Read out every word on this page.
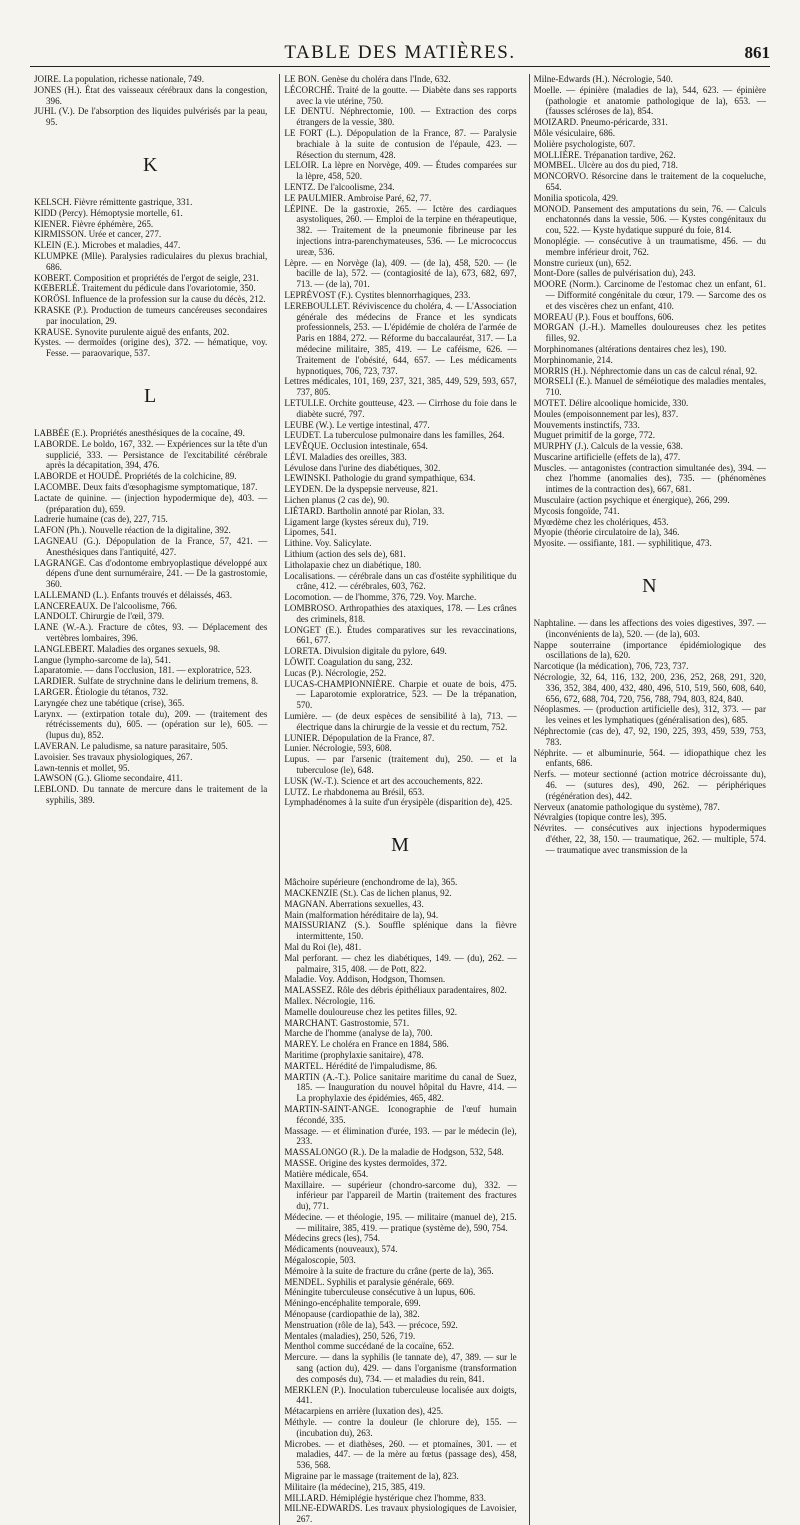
TABLE DES MATIÈRES.	861

JOIRE. La population, richesse nationale, 749.

JONES (H.). État des vaisseaux cérébraux dans la congestion, 396.

JUHL (V.). De l'absorption des liquides pulvérisés par la peau, 95.

K

KELSCH. Fièvre rémittente gastrique, 331.

KIDD (Percy). Hémoptysie mortelle, 61.

KIENER. Fièvre éphémère, 265.

KIRMISSON. Urée et cancer, 277.

KLEIN (E.). Microbes et maladies, 447.

KLUMPKE (Mlle). Paralysies radiculaires du plexus brachial, 686.

KOBERT. Composition et propriétés de l'ergot de seigle, 231.

KŒBERLÉ. Traitement du pédicule dans l'ovariotomie, 350.

KORÖSI. Influence de la profession sur la cause du décès, 212.

KRASKE (P.). Production de tumeurs cancéreuses secondaires par inoculation, 29.

KRAUSE. Synovite purulente aiguë des enfants, 202.

Kystes. — dermoïdes (origine des), 372. — hématique, voy. Fesse. — paraovarique, 537.

L

LABBÉE (E.). Propriétés anesthésiques de la cocaïne, 49.

LABORDE. Le boldo, 167, 332. — Expériences sur la tête d'un supplicié, 333. — Persistance de l'excitabilité cérébrale après la décapitation, 394, 476.

LABORDE et HOUDÉ. Propriétés de la colchicine, 89.

LACOMBE. Deux faits d'œsophagisme symptomatique, 187.

Lactate de quinine. — (injection hypodermique de), 403. — (préparation du), 659.

Ladrerie humaine (cas de), 227, 715.

LAFON (Ph.). Nouvelle réaction de la digitaline, 392.

LAGNEAU (G.). Dépopulation de la France, 57, 421. — Anesthésiques dans l'antiquité, 427.

LAGRANGE. Cas d'odontome embryoplastique développé aux dépens d'une dent surnuméraire, 241. — De la gastrostomie, 360.

LALLEMAND (L.). Enfants trouvés et délaissés, 463.

LANCEREAUX. De l'alcoolisme, 766.

LANDOLT. Chirurgie de l'œil, 379.

LANE (W.-A.). Fracture de côtes, 93. — Déplacement des vertèbres lombaires, 396.

LANGLEBERT. Maladies des organes sexuels, 98.

Langue (lympho-sarcome de la), 541.

Laparatomie. — dans l'occlusion, 181. — exploratrice, 523.

LARDIER. Sulfate de strychnine dans le delirium tremens, 8.

LARGER. Étiologie du tétanos, 732.

Laryngée chez une tabétique (crise), 365.

Larynx. — (extirpation totale du), 209. — (traitement des rétrécissements du), 605. — (opération sur le), 605. — (lupus du), 852.

LAVERAN. Le paludisme, sa nature parasitaire, 505.

Lavoisier. Ses travaux physiologiques, 267.

Lawn-tennis et mollet, 95.

LAWSON (G.). Gliome secondaire, 411.

LEBLOND. Du tannate de mercure dans le traitement de la syphilis, 389.

LE BON. Genèse du choléra dans l'Inde, 632.

LÉCORCHÉ. Traité de la goutte. — Diabète dans ses rapports avec la vie utérine, 750.

LE DENTU. Néphrectomie, 100. — Extraction des corps étrangers de la vessie, 380.

LE FORT (L.). Dépopulation de la France, 87. — Paralysie brachiale à la suite de contusion de l'épaule, 423. — Résection du sternum, 428.

LELOIR. La lèpre en Norvège, 409. — Études comparées sur la lèpre, 458, 520.

LENTZ. De l'alcoolisme, 234.

LE PAULMIER. Ambroise Paré, 62, 77.

LÉPINE. De la gastroxie, 265. — Ictère des cardiaques asystoliques, 260. — Emploi de la terpine en thérapeutique, 382. — Traitement de la pneumonie fibrineuse par les injections intra-parenchymateuses, 536. — Le micrococcus ureæ, 536.

Lèpre. — en Norvège (la), 409. — (de la), 458, 520. — (le bacille de la), 572. — (contagiosité de la), 673, 682, 697, 713. — (de la), 701.

LEPRÉVOST (F.). Cystites blennorrhagiques, 233.

LEREBOULLET. Réviviscence du choléra, 4. — L'Association générale des médecins de France et les syndicats professionnels, 253. — L'épidémie de choléra de l'armée de Paris en 1884, 272. — Réforme du baccalauréat, 317. — La médecine militaire, 385, 419. — Le caféisme, 626. — Traitement de l'obésité, 644, 657. — Les médicaments hypnotiques, 706, 723, 737.

Lettres médicales, 101, 169, 237, 321, 385, 449, 529, 593, 657, 737, 805.

LETULLE. Orchite goutteuse, 423. — Cirrhose du foie dans le diabète sucré, 797.

LEUBE (W.). Le vertige intestinal, 477.

LEUDET. La tuberculose pulmonaire dans les familles, 264.

LEVÊQUE. Occlusion intestinale, 654.

LÉVI. Maladies des oreilles, 383.

Lévulose dans l'urine des diabétiques, 302.

LEWINSKI. Pathologie du grand sympathique, 634.

LEYDEN. De la dyspepsie nerveuse, 821.

Lichen planus (2 cas de), 90.

LIÉTARD. Bartholin annoté par Riolan, 33.

Ligament large (kystes séreux du), 719.

Lipomes, 541.

Lithine. Voy. Salicylate.

Lithium (action des sels de), 681.

Litholapaxie chez un diabétique, 180.

Localisations. — cérébrale dans un cas d'ostéite syphilitique du crâne, 412. — cérébrales, 603, 762.

Locomotion. — de l'homme, 376, 729. Voy. Marche.

LOMBROSO. Arthropathies des ataxiques, 178. — Les crânes des criminels, 818.

LONGET (E.). Études comparatives sur les revaccinations, 661, 677.

LORETA. Divulsion digitale du pylore, 649.

LÖWIT. Coagulation du sang, 232.

Lucas (P.). Nécrologie, 252.

LUCAS-CHAMPIONNIÈRE. Charpie et ouate de bois, 475. — Laparotomie exploratrice, 523. — De la trépanation, 570.

Lumière. — (de deux espèces de sensibilité à la), 713. — électrique dans la chirurgie de la vessie et du rectum, 752.

LUNIER. Dépopulation de la France, 87.

Lunier. Nécrologie, 593, 608.

Lupus. — par l'arsenic (traitement du), 250. — et la tuberculose (le), 648.

LUSK (W.-T.). Science et art des accouchements, 822.

LUTZ. Le rhabdonema au Brésil, 653.

Lymphadénomes à la suite d'un érysipèle (disparition de), 425.

M

Mâchoire supérieure (enchondrome de la), 365.

MACKENZIE (St.). Cas de lichen planus, 92.

MAGNAN. Aberrations sexuelles, 43.

Main (malformation héréditaire de la), 94.

MAISSURIANZ (S.). Souffle splénique dans la fièvre intermittente, 150.

Mal du Roi (le), 481.

Mal perforant. — chez les diabétiques, 149. — (du), 262. — palmaire, 315, 408. — de Pott, 822.

Maladie. Voy. Addison, Hodgson, Thomsen.

MALASSEZ. Rôle des débris épithéliaux paradentaires, 802.

Mallex. Nécrologie, 116.

Mamelle douloureuse chez les petites filles, 92.

MARCHANT. Gastrostomie, 571.

Marche de l'homme (analyse de la), 700.

MAREY. Le choléra en France en 1884, 586.

Maritime (prophylaxie sanitaire), 478.

MARTEL. Hérédité de l'impaludisme, 86.

MARTIN (A.-T.). Police sanitaire maritime du canal de Suez, 185. — Inauguration du nouvel hôpital du Havre, 414. — La prophylaxie des épidémies, 465, 482.

MARTIN-SAINT-ANGE. Iconographie de l'œuf humain fécondé, 335.

Massage. — et élimination d'urée, 193. — par le médecin (le), 233.

MASSALONGO (R.). De la maladie de Hodgson, 532, 548.

MASSE. Origine des kystes dermoïdes, 372.

Matière médicale, 654.

Maxillaire. — supérieur (chondro-sarcome du), 332. — inférieur par l'appareil de Martin (traitement des fractures du), 771.

Médecine. — et théologie, 195. — militaire (manuel de), 215. — militaire, 385, 419. — pratique (système de), 590, 754.

Médecins grecs (les), 754.

Médicaments (nouveaux), 574.

Mégaloscopie, 503.

Mémoire à la suite de fracture du crâne (perte de la), 365.

MENDEL. Syphilis et paralysie générale, 669.

Méningite tuberculeuse consécutive à un lupus, 606.

Méningo-encéphalite temporale, 699.

Ménopause (cardiopathie de la), 382.

Menstruation (rôle de la), 543. — précoce, 592.

Mentales (maladies), 250, 526, 719.

Menthol comme succédané de la cocaïne, 652.

Mercure. — dans la syphilis (le tannate de), 47, 389. — sur le sang (action du), 429. — dans l'organisme (transformation des composés du), 734. — et maladies du rein, 841.

MERKLEN (P.). Inoculation tuberculeuse localisée aux doigts, 441.

Métacarpiens en arrière (luxation des), 425.

Méthyle. — contre la douleur (le chlorure de), 155. — (incubation du), 263.

Microbes. — et diathèses, 260. — et ptomaïnes, 301. — et maladies, 447. — de la mère au fœtus (passage des), 458, 536, 568.

Migraine par le massage (traitement de la), 823.

Militaire (la médecine), 215, 385, 419.

MILLARD. Hémiplégie hystérique chez l'homme, 833.

MILNE-EDWARDS. Les travaux physiologiques de Lavoisier, 267.

Milne-Edwards (H.). Nécrologie, 540.

Moelle. — épinière (maladies de la), 544, 623. — épinière (pathologie et anatomie pathologique de la), 653. — (fausses scléroses de la), 854.

MOIZARD. Pneumo-péricarde, 331.

Môle vésiculaire, 686.

Molière psychologiste, 607.

MOLLIÈRE. Trépanation tardive, 262.

MOMBEL. Ulcère au dos du pied, 718.

MONCORVO. Résorcine dans le traitement de la coqueluche, 654.

Monilia spoticola, 429.

MONOD. Pansement des amputations du sein, 76. — Calculs enchatonnés dans la vessie, 506. — Kystes congénitaux du cou, 522. — Kyste hydatique suppuré du foie, 814.

Monoplégie. — consécutive à un traumatisme, 456. — du membre inférieur droit, 762.

Monstre curieux (un), 652.

Mont-Dore (salles de pulvérisation du), 243.

MOORE (Norm.). Carcinome de l'estomac chez un enfant, 61. — Difformité congénitale du cœur, 179. — Sarcome des os et des viscères chez un enfant, 410.

MOREAU (P.). Fous et bouffons, 606.

MORGAN (J.-H.). Mamelles douloureuses chez les petites filles, 92.

Morphinomanes (altérations dentaires chez les), 190.

Morphinomanie, 214.

MORRIS (H.). Néphrectomie dans un cas de calcul rénal, 92.

MORSELI (E.). Manuel de séméiotique des maladies mentales, 710.

MOTET. Délire alcoolique homicide, 330.

Moules (empoisonnement par les), 837.

Mouvements instinctifs, 733.

Muguet primitif de la gorge, 772.

MURPHY (J.). Calculs de la vessie, 638.

Muscarine artificielle (effets de la), 477.

Muscles. — antagonistes (contraction simultanée des), 394. — chez l'homme (anomalies des), 735. — (phénomènes intimes de la contraction des), 667, 681.

Musculaire (action psychique et énergique), 266, 299.

Mycosis fongoïde, 741.

Myœdème chez les cholériques, 453.

Myopie (théorie circulatoire de la), 346.

Myosite. — ossifiante, 181. — syphilitique, 473.

N

Naphtaline. — dans les affections des voies digestives, 397. — (inconvénients de la), 520. — (de la), 603.

Nappe souterraine (importance épidémiologique des oscillations de la), 620.

Narcotique (la médication), 706, 723, 737.

Nécrologie, 32, 64, 116, 132, 200, 236, 252, 268, 291, 320, 336, 352, 384, 400, 432, 480, 496, 510, 519, 560, 608, 640, 656, 672, 688, 704, 720, 756, 788, 794, 803, 824, 840.

Néoplasmes. — (production artificielle des), 312, 373. — par les veines et les lymphatiques (généralisation des), 685.

Néphrectomie (cas de), 47, 92, 190, 225, 393, 459, 539, 753, 783.

Néphrite. — et albuminurie, 564. — idiopathique chez les enfants, 686.

Nerfs. — moteur sectionné (action motrice décroissante du), 46. — (sutures des), 490, 262. — périphériques (régénération des), 442.

Nerveux (anatomie pathologique du système), 787.

Névralgies (topique contre les), 395.

Névrites. — consécutives aux injections hypodermiques d'éther, 22, 38, 150. — traumatique, 262. — multiple, 574. — traumatique avec transmission de la
